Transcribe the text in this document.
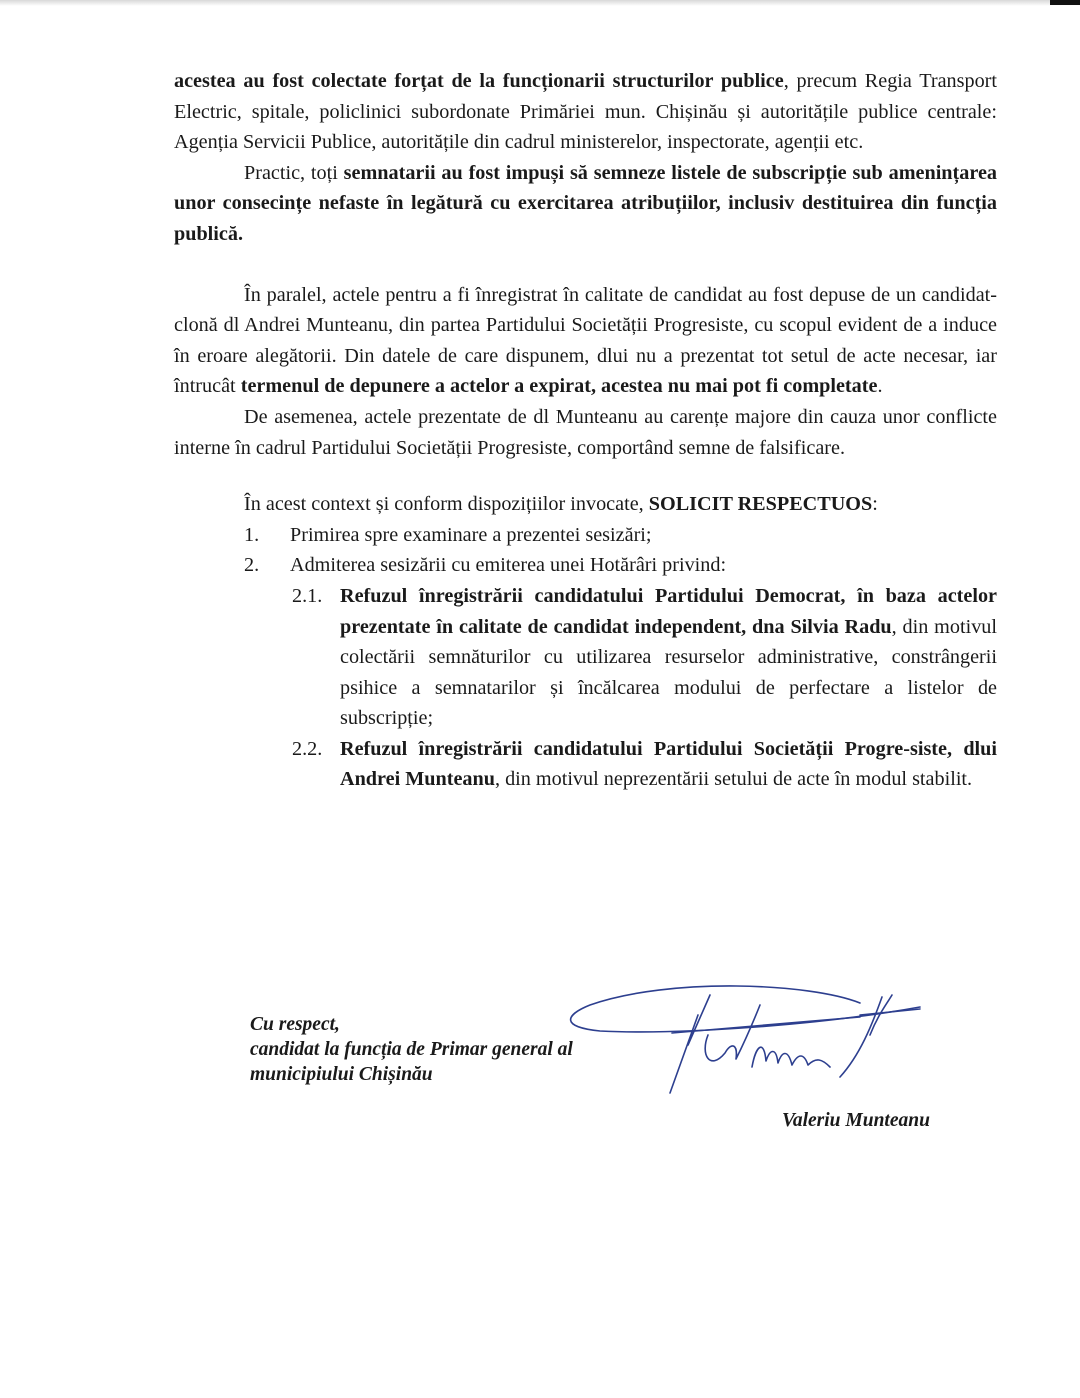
acestea au fost colectate forțat de la funcționarii structurilor publice, precum Regia Transport Electric, spitale, policlinici subordonate Primăriei mun. Chișinău și autoritățile publice centrale: Agenția Servicii Publice, autoritățile din cadrul ministerelor, inspectorate, agenții etc.

Practic, toți semnatarii au fost impuși să semneze listele de subscripție sub amenințarea unor consecințe nefaste în legătură cu exercitarea atribuțiilor, inclusiv destituirea din funcția publică.

În paralel, actele pentru a fi înregistrat în calitate de candidat au fost depuse de un candidat-clonă dl Andrei Munteanu, din partea Partidului Societății Progresiste, cu scopul evident de a induce în eroare alegătorii. Din datele de care dispunem, dlui nu a prezentat tot setul de acte necesar, iar întrucât termenul de depunere a actelor a expirat, acestea nu mai pot fi completate.

De asemenea, actele prezentate de dl Munteanu au carențe majore din cauza unor conflicte interne în cadrul Partidului Societății Progresiste, comportând semne de falsificare.

În acest context și conform dispozițiilor invocate, SOLICIT RESPECTUOS:

1.	Primirea spre examinare a prezentei sesizări;
2.	Admiterea sesizării cu emiterea unei Hotărâri privind:
2.1. Refuzul înregistrării candidatului Partidului Democrat, în baza actelor prezentate în calitate de candidat independent, dna Silvia Radu, din motivul colectării semnăturilor cu utilizarea resurselor administrative, constrângerii psihice a semnatarilor și încălcarea modului de perfectare a listelor de subscripție;
2.2. Refuzul înregistrării candidatului Partidului Societății Progre-siste, dlui Andrei Munteanu, din motivul neprezentării setului de acte în modul stabilit.
Cu respect,
candidat la funcția de Primar general al
municipiului Chișinău
Valeriu Munteanu
